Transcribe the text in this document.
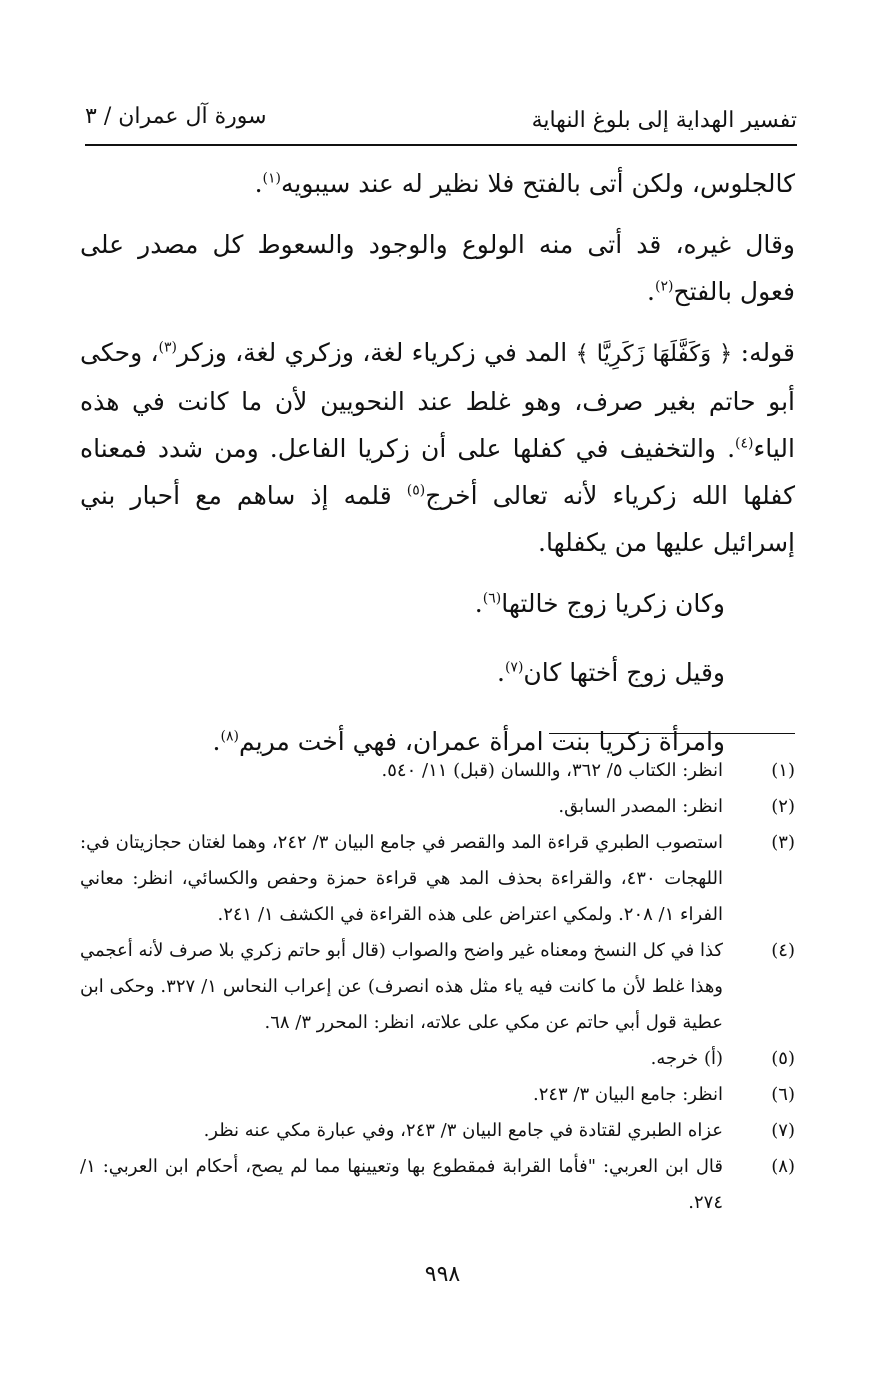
تفسير الهداية إلى بلوغ النهاية
سورة آل عمران / ٣

كالجلوس، ولكن أتى بالفتح فلا نظير له عند سيبويه$^{(١)}$.

وقال غيره، قد أتى منه الولوع والوجود والسعوط كل مصدر على فعول بالفتح$^{(٢)}$.

قوله: ﴿ وَكَفَّلَهَا زَكَرِيَّا ﴾ المد في زكرياء لغة، وزكري لغة، وزكر$^{(٣)}$، وحكى أبو حاتم بغير صرف، وهو غلط عند النحويين لأن ما كانت في هذه الياء$^{(٤)}$. والتخفيف في كفلها على أن زكريا الفاعل. ومن شدد فمعناه كفلها الله زكرياء لأنه تعالى أخرج$^{(٥)}$ قلمه إذ ساهم مع أحبار بني إسرائيل عليها من يكفلها.

وكان زكريا زوج خالتها$^{(٦)}$.

وقيل زوج أختها كان$^{(٧)}$.

وامرأة زكريا بنت امرأة عمران، فهي أخت مريم$^{(٨)}$.

(١)
انظر: الكتاب ٥/ ٣٦٢، واللسان (قبل) ١١/ ٥٤٠.
(٢)
انظر: المصدر السابق.
(٣)
استصوب الطبري قراءة المد والقصر في جامع البيان ٣/ ٢٤٢، وهما لغتان حجازيتان في: اللهجات ٤٣٠، والقراءة بحذف المد هي قراءة حمزة وحفص والكسائي، انظر: معاني الفراء ١/ ٢٠٨. ولمكي اعتراض على هذه القراءة في الكشف ١/ ٢٤١.
(٤)
كذا في كل النسخ ومعناه غير واضح والصواب (قال أبو حاتم زكري بلا صرف لأنه أعجمي وهذا غلط لأن ما كانت فيه ياء مثل هذه انصرف) عن إعراب النحاس ١/ ٣٢٧. وحكى ابن عطية قول أبي حاتم عن مكي على علاته، انظر: المحرر ٣/ ٦٨.
(٥)
(أ) خرجه.
(٦)
انظر: جامع البيان ٣/ ٢٤٣.
(٧)
عزاه الطبري لقتادة في جامع البيان ٣/ ٢٤٣، وفي عبارة مكي عنه نظر.
(٨)
قال ابن العربي: "فأما القرابة فمقطوع بها وتعيينها مما لم يصح، أحكام ابن العربي: ١/ ٢٧٤.
٩٩٨
